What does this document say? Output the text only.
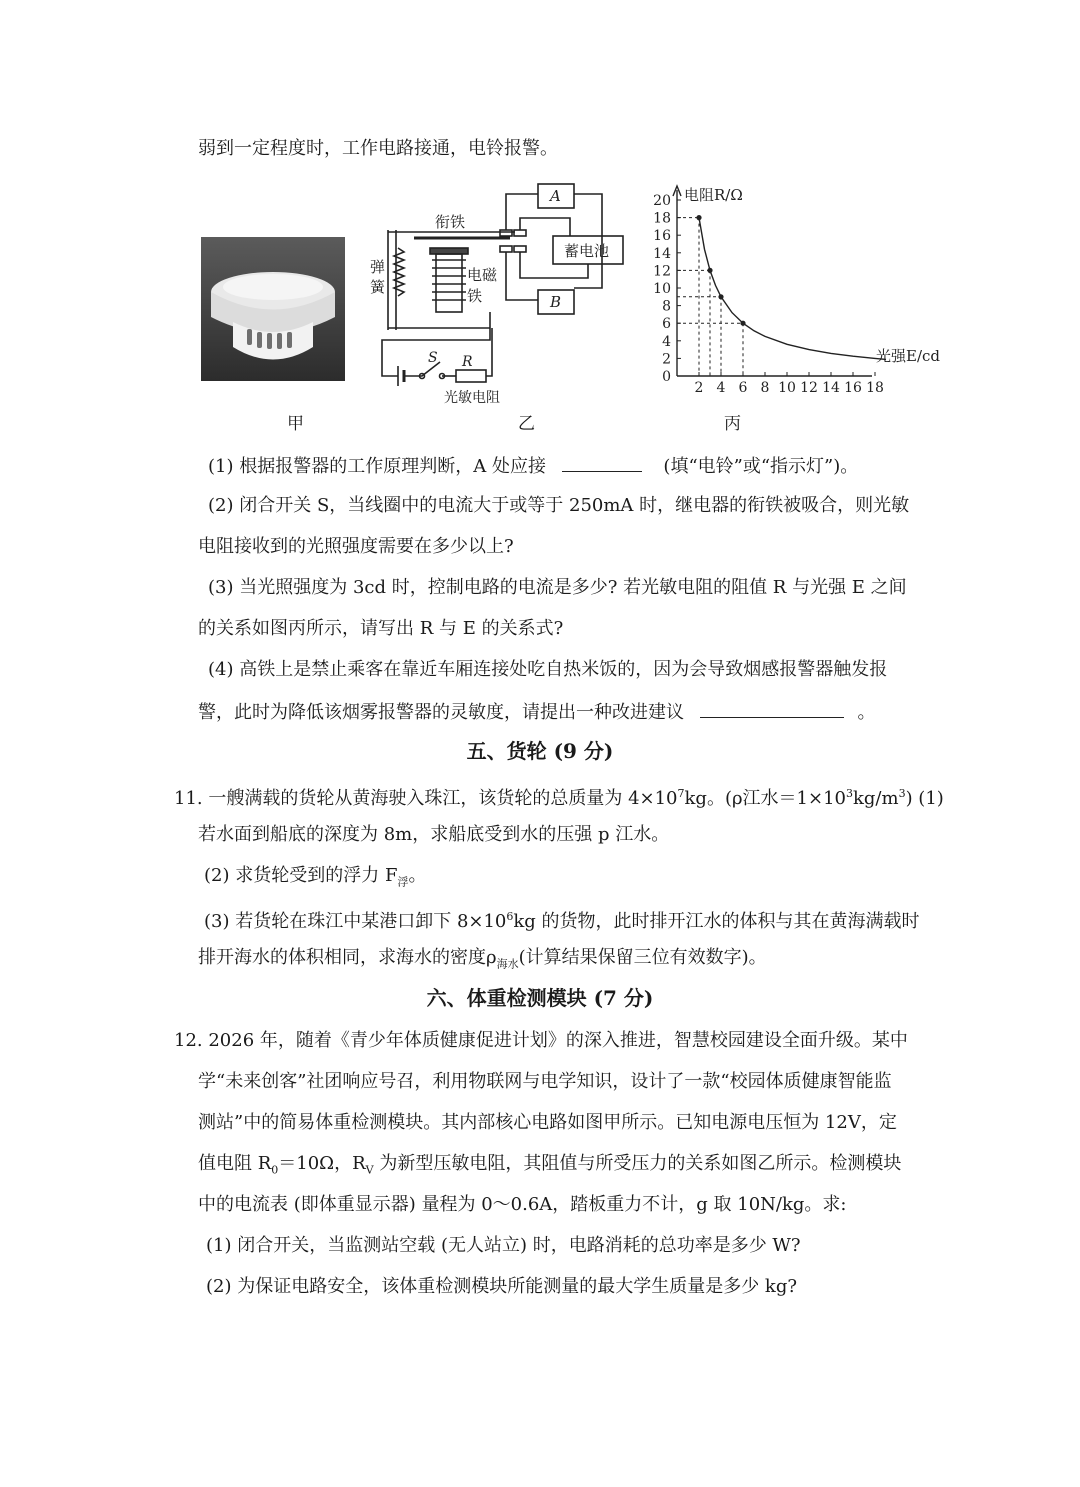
弱到一定程度时，工作电路接通，电铃报警。
甲
衔铁
弹
簧
电磁
铁
A
B
蓄电池
S R
光敏电阻
乙
电阻R/Ω
光强E/cd
0
2
4
6
8
10
12
14
16
18
20
2 4 6 8 10 12 14 16 18
丙
(1) 根据报警器的工作原理判断，A 处应接	(填“电铃”或“指示灯”)。
(2) 闭合开关 S，当线圈中的电流大于或等于 250mA 时，继电器的衔铁被吸合，则光敏
电阻接收到的光照强度需要在多少以上?
(3) 当光照强度为 3cd 时，控制电路的电流是多少? 若光敏电阻的阻值 R 与光强 E 之间
的关系如图丙所示，请写出 R 与 E 的关系式?
(4) 高铁上是禁止乘客在靠近车厢连接处吃自热米饭的，因为会导致烟感报警器触发报
警，此时为降低该烟雾报警器的灵敏度，请提出一种改进建议	。
五、货轮 (9 分)
11. 一艘满载的货轮从黄海驶入珠江，该货轮的总质量为 $4\times 10^7kg$。(ρ江水$=1\times 10^3kg/m^3$) (1)
若水面到船底的深度为 8m，求船底受到水的压强 p 江水。
(2) 求货轮受到的浮力 $F_浮$。
(3) 若货轮在珠江中某港口卸下 $8\times 10^6kg$ 的货物，此时排开江水的体积与其在黄海满载时
排开海水的体积相同，求海水的密度$\rho_{海水}$(计算结果保留三位有效数字)。
六、体重检测模块 (7 分)
12. 2026 年，随着《青少年体质健康促进计划》的深入推进，智慧校园建设全面升级。某中
学“未来创客”社团响应号召，利用物联网与电学知识，设计了一款“校园体质健康智能监
测站”中的简易体重检测模块。其内部核心电路如图甲所示。已知电源电压恒为 12V，定
值电阻 $R_0=10\Omega$，$R_V$ 为新型压敏电阻，其阻值与所受压力的关系如图乙所示。检测模块
中的电流表 (即体重显示器) 量程为 0～0.6A，踏板重力不计，g 取 10N/kg。求:
(1) 闭合开关，当监测站空载 (无人站立) 时，电路消耗的总功率是多少 W?
(2) 为保证电路安全，该体重检测模块所能测量的最大学生质量是多少 kg?
